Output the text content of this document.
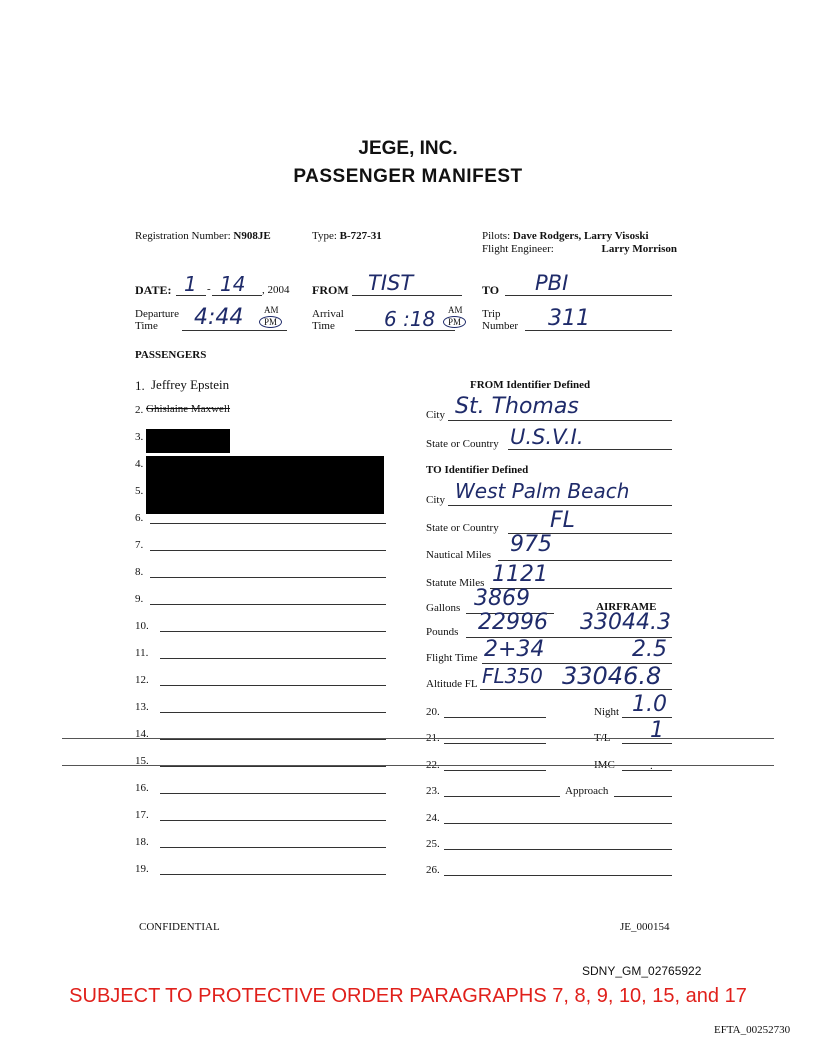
JEGE, INC.
PASSENGER MANIFEST
Registration Number: N908JE	Type: B-727-31	Pilots: Dave Rodgers, Larry Visoski
Flight Engineer:	Larry Morrison
DATE: 1 - 14 , 2004 FROM TIST	TO PBI
Departure
Time	4:44 AM
PM
Arrival
Time	6 :18 AM
PM
Trip
Number 311
PASSENGERS
1. Jeffrey Epstein
2. Ghislaine Maxwell
3.
4.
5.
6.
7.
8.
9.
10.
11.
12.
13.
14.
15.
16.
17.
18.
19.
FROM Identifier Defined
City St. Thomas
State or Country U.S.V.I.
TO Identifier Defined
City West Palm Beach
State or Country FL
Nautical Miles 975
Statute Miles 1121
Gallons 3869	AIRFRAME
Pounds 22996 33044.3
Flight Time 2+34	2.5
Altitude FL FL350 33046.8
20.	Night 1.0
21.	T/L 1
22.	IMC	.
23.	Approach
24.
25.
26.
CONFIDENTIAL	JE_000154
SDNY_GM_02765922
SUBJECT TO PROTECTIVE ORDER PARAGRAPHS 7, 8, 9, 10, 15, and 17
EFTA_00252730
